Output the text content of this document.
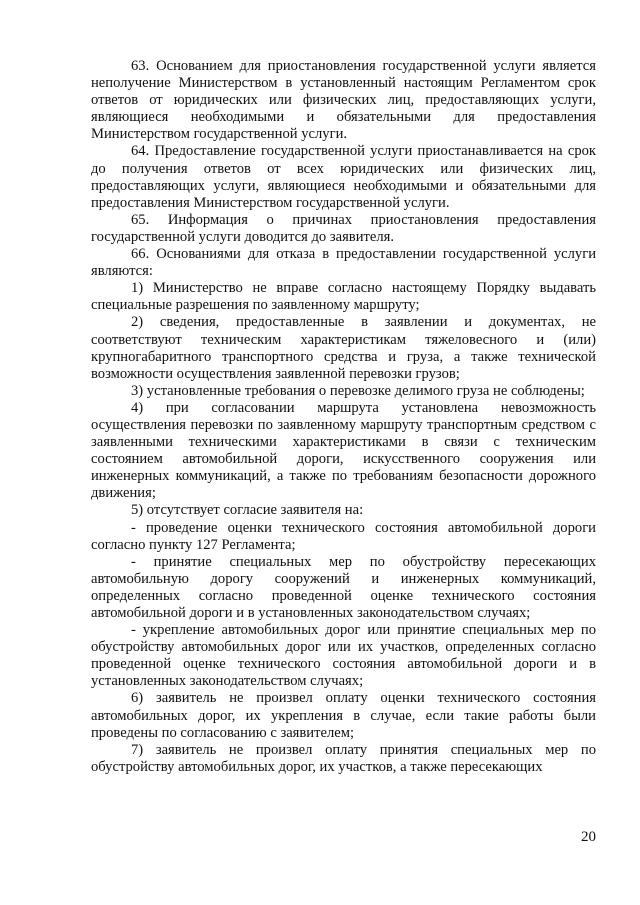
63. Основанием для приостановления государственной услуги является неполучение Министерством в установленный настоящим Регламентом срок ответов от юридических или физических лиц, предоставляющих услуги, являющиеся необходимыми и обязательными для предоставления Министерством государственной услуги.

64. Предоставление государственной услуги приостанавливается на срок до получения ответов от всех юридических или физических лиц, предоставляющих услуги, являющиеся необходимыми и обязательными для предоставления Министерством государственной услуги.

65. Информация о причинах приостановления предоставления государственной услуги доводится до заявителя.

66. Основаниями для отказа в предоставлении государственной услуги являются:

1) Министерство не вправе согласно настоящему Порядку выдавать специальные разрешения по заявленному маршруту;

2) сведения, предоставленные в заявлении и документах, не соответствуют техническим характеристикам тяжеловесного и (или) крупногабаритного транспортного средства и груза, а также технической возможности осуществления заявленной перевозки грузов;

3) установленные требования о перевозке делимого груза не соблюдены;

4) при согласовании маршрута установлена невозможность осуществления перевозки по заявленному маршруту транспортным средством с заявленными техническими характеристиками в связи с техническим состоянием автомобильной дороги, искусственного сооружения или инженерных коммуникаций, а также по требованиям безопасности дорожного движения;

5) отсутствует согласие заявителя на:

- проведение оценки технического состояния автомобильной дороги согласно пункту 127 Регламента;

- принятие специальных мер по обустройству пересекающих автомобильную дорогу сооружений и инженерных коммуникаций, определенных согласно проведенной оценке технического состояния автомобильной дороги и в установленных законодательством случаях;

- укрепление автомобильных дорог или принятие специальных мер по обустройству автомобильных дорог или их участков, определенных согласно проведенной оценке технического состояния автомобильной дороги и в установленных законодательством случаях;

6) заявитель не произвел оплату оценки технического состояния автомобильных дорог, их укрепления в случае, если такие работы были проведены по согласованию с заявителем;

7) заявитель не произвел оплату принятия специальных мер по обустройству автомобильных дорог, их участков, а также пересекающих

20
